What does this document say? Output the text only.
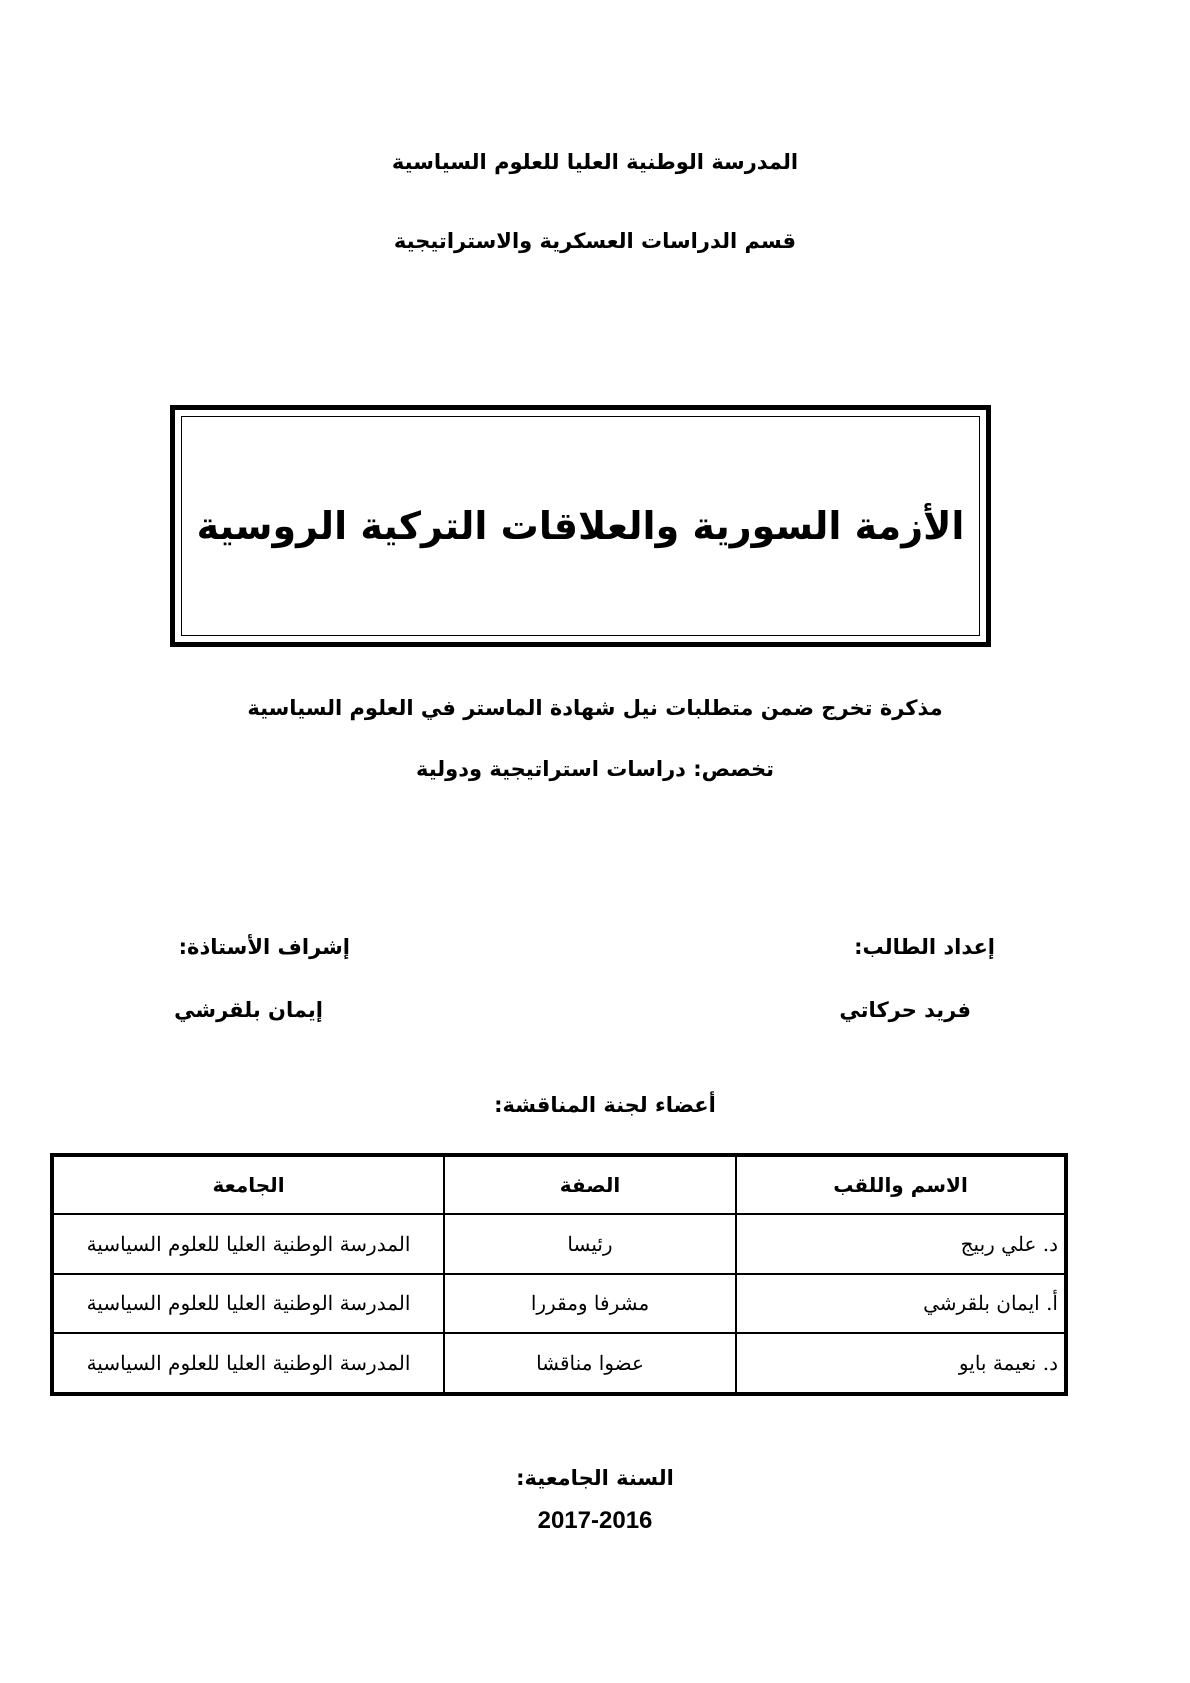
المدرسة الوطنية العليا للعلوم السياسية
قسم الدراسات العسكرية والاستراتيجية
الأزمة السورية والعلاقات التركية الروسية
مذكرة تخرج ضمن متطلبات نيل شهادة الماستر في العلوم السياسية
تخصص: دراسات استراتيجية ودولية
إعداد الطالب:
إشراف الأستاذة:
فريد حركاتي
إيمان بلقرشي
أعضاء لجنة المناقشة:
الاسم واللقب	الصفة	الجامعة
د. علي ربيج	رئيسا	المدرسة الوطنية العليا للعلوم السياسية
أ. ايمان بلقرشي	مشرفا ومقررا	المدرسة الوطنية العليا للعلوم السياسية
د. نعيمة بايو	عضوا مناقشا	المدرسة الوطنية العليا للعلوم السياسية
السنة الجامعية:
2017-2016
